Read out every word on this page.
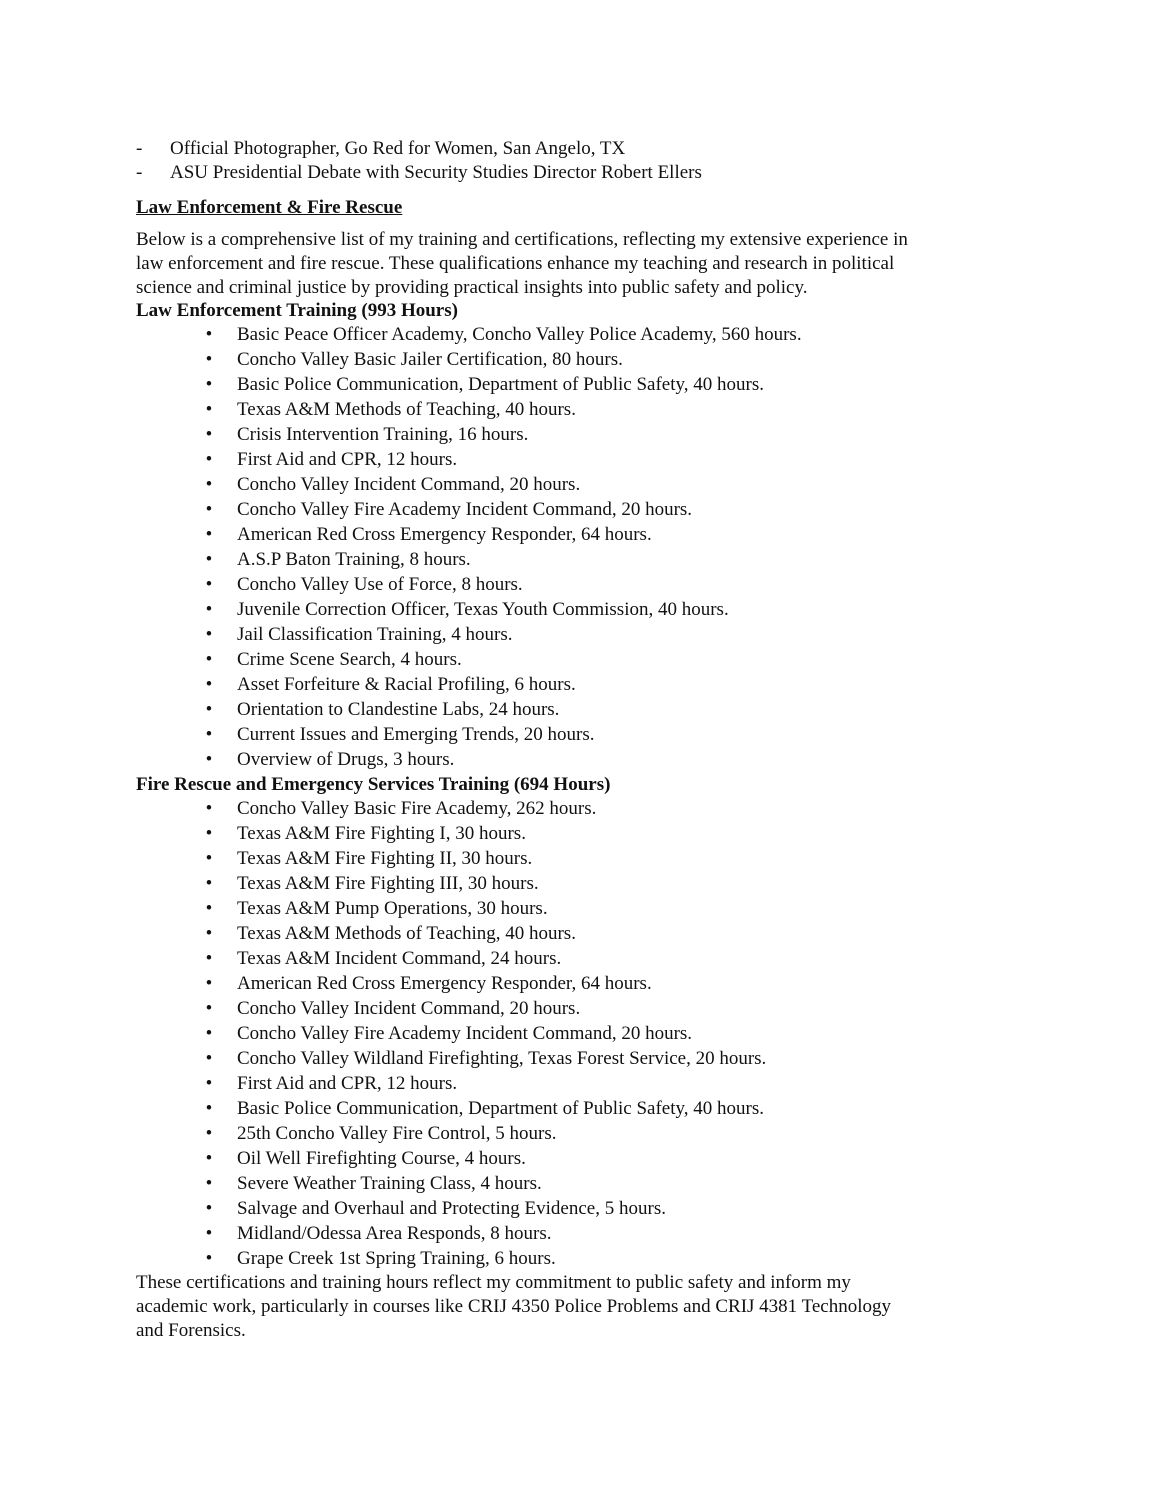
- Official Photographer, Go Red for Women, San Angelo, TX
- ASU Presidential Debate with Security Studies Director Robert Ellers
Law Enforcement & Fire Rescue
Below is a comprehensive list of my training and certifications, reflecting my extensive experience in
law enforcement and fire rescue. These qualifications enhance my teaching and research in political
science and criminal justice by providing practical insights into public safety and policy.
Law Enforcement Training (993 Hours)
• Basic Peace Officer Academy, Concho Valley Police Academy, 560 hours.
• Concho Valley Basic Jailer Certification, 80 hours.
• Basic Police Communication, Department of Public Safety, 40 hours.
• Texas A&M Methods of Teaching, 40 hours.
• Crisis Intervention Training, 16 hours.
• First Aid and CPR, 12 hours.
• Concho Valley Incident Command, 20 hours.
• Concho Valley Fire Academy Incident Command, 20 hours.
• American Red Cross Emergency Responder, 64 hours.
• A.S.P Baton Training, 8 hours.
• Concho Valley Use of Force, 8 hours.
• Juvenile Correction Officer, Texas Youth Commission, 40 hours.
• Jail Classification Training, 4 hours.
• Crime Scene Search, 4 hours.
• Asset Forfeiture & Racial Profiling, 6 hours.
• Orientation to Clandestine Labs, 24 hours.
• Current Issues and Emerging Trends, 20 hours.
• Overview of Drugs, 3 hours.
Fire Rescue and Emergency Services Training (694 Hours)
• Concho Valley Basic Fire Academy, 262 hours.
• Texas A&M Fire Fighting I, 30 hours.
• Texas A&M Fire Fighting II, 30 hours.
• Texas A&M Fire Fighting III, 30 hours.
• Texas A&M Pump Operations, 30 hours.
• Texas A&M Methods of Teaching, 40 hours.
• Texas A&M Incident Command, 24 hours.
• American Red Cross Emergency Responder, 64 hours.
• Concho Valley Incident Command, 20 hours.
• Concho Valley Fire Academy Incident Command, 20 hours.
• Concho Valley Wildland Firefighting, Texas Forest Service, 20 hours.
• First Aid and CPR, 12 hours.
• Basic Police Communication, Department of Public Safety, 40 hours.
• 25th Concho Valley Fire Control, 5 hours.
• Oil Well Firefighting Course, 4 hours.
• Severe Weather Training Class, 4 hours.
• Salvage and Overhaul and Protecting Evidence, 5 hours.
• Midland/Odessa Area Responds, 8 hours.
• Grape Creek 1st Spring Training, 6 hours.
These certifications and training hours reflect my commitment to public safety and inform my
academic work, particularly in courses like CRIJ 4350 Police Problems and CRIJ 4381 Technology
and Forensics.
